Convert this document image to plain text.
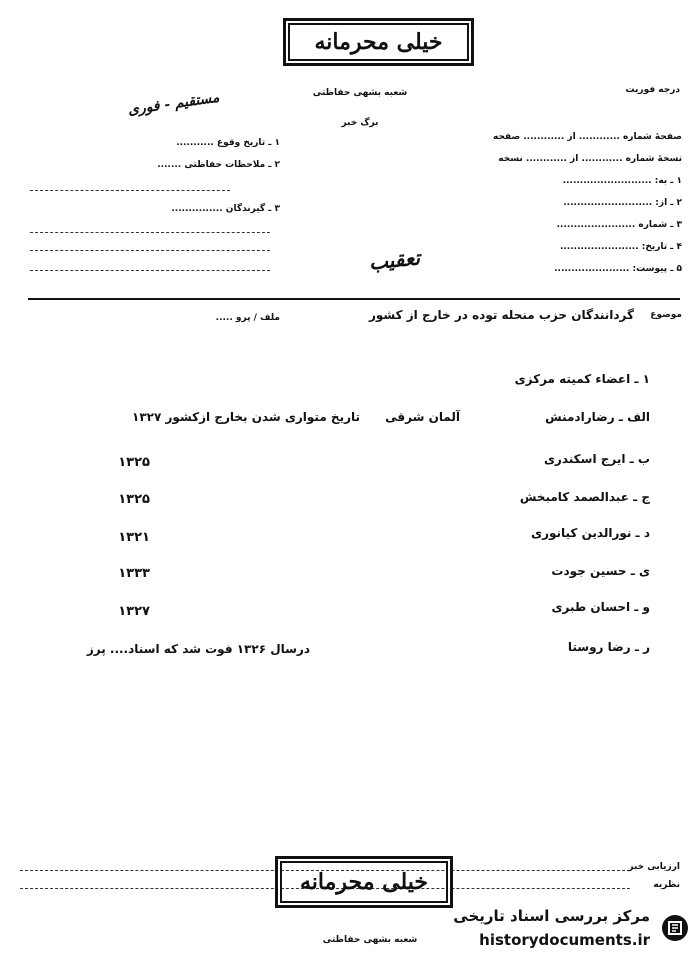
خیلی محرمانه
شعبه بشهی حفاظتی
برگ خبر
درجه فوریت
مستقیم - فوری
صفحهٔ شماره ............ از ............ صفحه
نسخهٔ شماره ............ از ............ نسخه
۱ ـ به: ..........................
۲ ـ از: ..........................
۳ ـ شماره .......................
۴ ـ تاریخ: .......................
۵ ـ پیوست: ......................
۱ ـ تاریخ وقوع ...........
۲ ـ ملاحظات حفاظتی .......
۳ ـ گیرندگان ...............
تعقیب
موضوع
گردانندگان حزب منحله توده در خارج از کشور
ملف / پرو .....
۱ ـ اعضاء کمیته مرکزی
الف ـ رضارادمنش
آلمان شرقی
تاریخ متواری شدن بخارج ازکشور ۱۳۲۷
ب ـ ایرج اسکندری
۱۳۲۵
ج ـ عبدالصمد کامبخش
۱۳۲۵
د ـ نورالدین کیانوری
۱۳۲۱
ی ـ حسین جودت
۱۳۳۳
و ـ احسان طبری
۱۳۲۷
ر ـ رضا روستا
درسال ۱۳۲۶ فوت شد که اسناد.... پرز
ارزیابی خبر
نظریه
خیلی محرمانه
شعبه بشهی حفاظتی
مرکز بررسی اسناد تاریخی
historydocuments.ir
